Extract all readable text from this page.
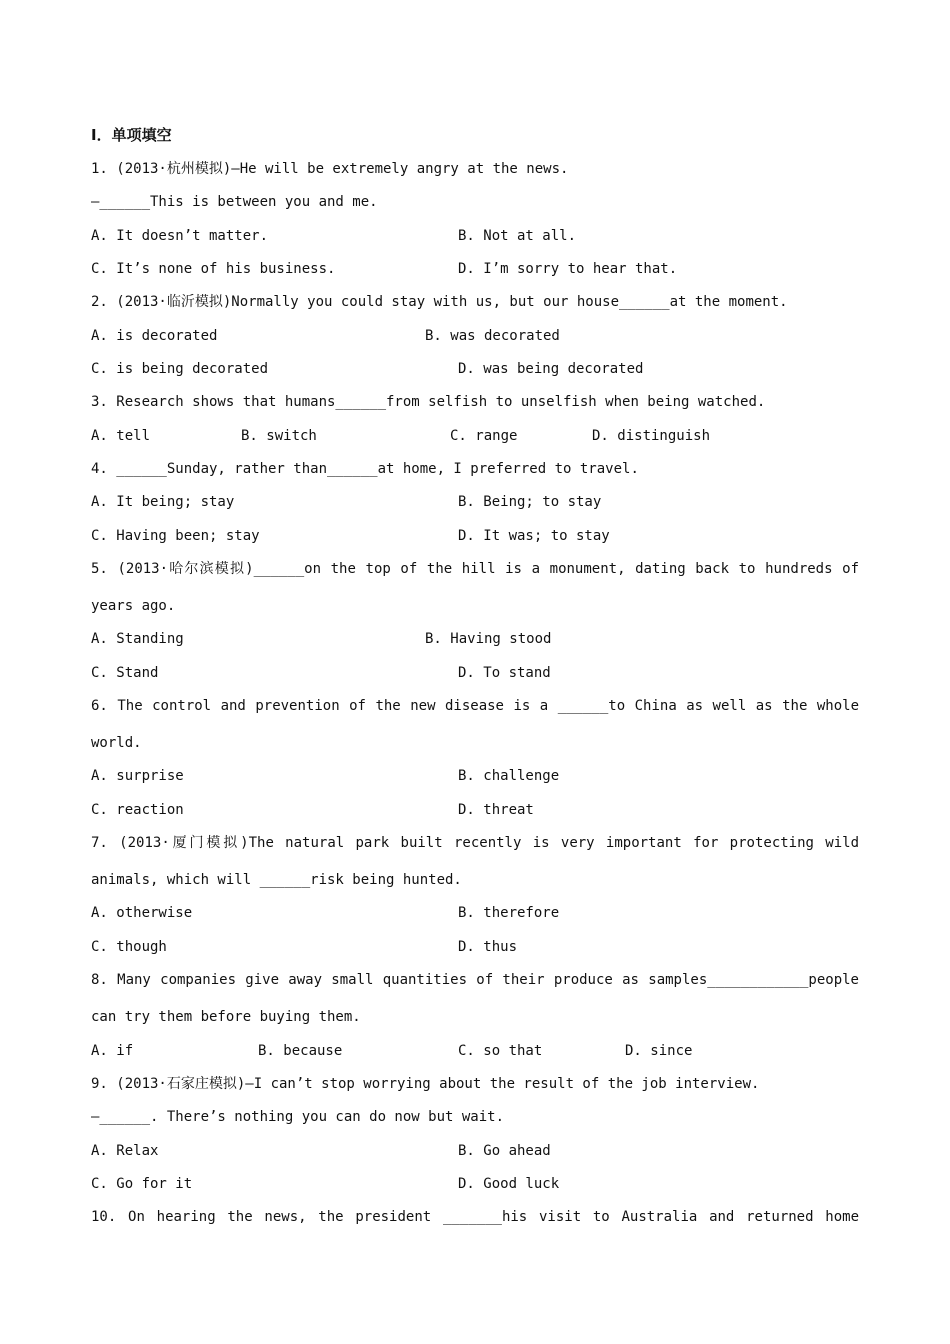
Ⅰ．单项填空
1. (2013·杭州模拟)—He will be extremely angry at the news.
—______This is between you and me.
A. It doesn’t matter.	B. Not at all.
C. It’s none of his business.	D. I’m sorry to hear that.
2. (2013·临沂模拟)Normally you could stay with us, but our house______at the moment.
A. is decorated	B. was decorated
C. is being decorated	D. was being decorated
3. Research shows that humans______from selfish to unselfish when being watched.
A. tell	B. switch	C. range	D. distinguish
4. ______Sunday, rather than______at home, I preferred to travel.
A. It being; stay	B. Being; to stay
C. Having been; stay	D. It was; to stay
5. (2013·哈尔滨模拟)______on the top of the hill is a monument, dating back to hundreds of
years ago.
A. Standing	B. Having stood
C. Stand	D. To stand
6. The control and prevention of the new disease is a ______to China as well as the whole
world.
A. surprise	B. challenge
C. reaction	D. threat
7. (2013·厦门模拟)The natural park built recently is very important for protecting wild
animals, which will ______risk being hunted.
A. otherwise	B. therefore
C. though	D. thus
8. Many companies give away small quantities of their produce as samples____________people
can try them before buying them.
A. if	B. because	C. so that	D. since
9. (2013·石家庄模拟)—I can’t stop worrying about the result of the job interview.
—______. There’s nothing you can do now but wait.
A. Relax	B. Go ahead
C. Go for it	D. Good luck
10. On hearing the news, the president _______his visit to Australia and returned home
